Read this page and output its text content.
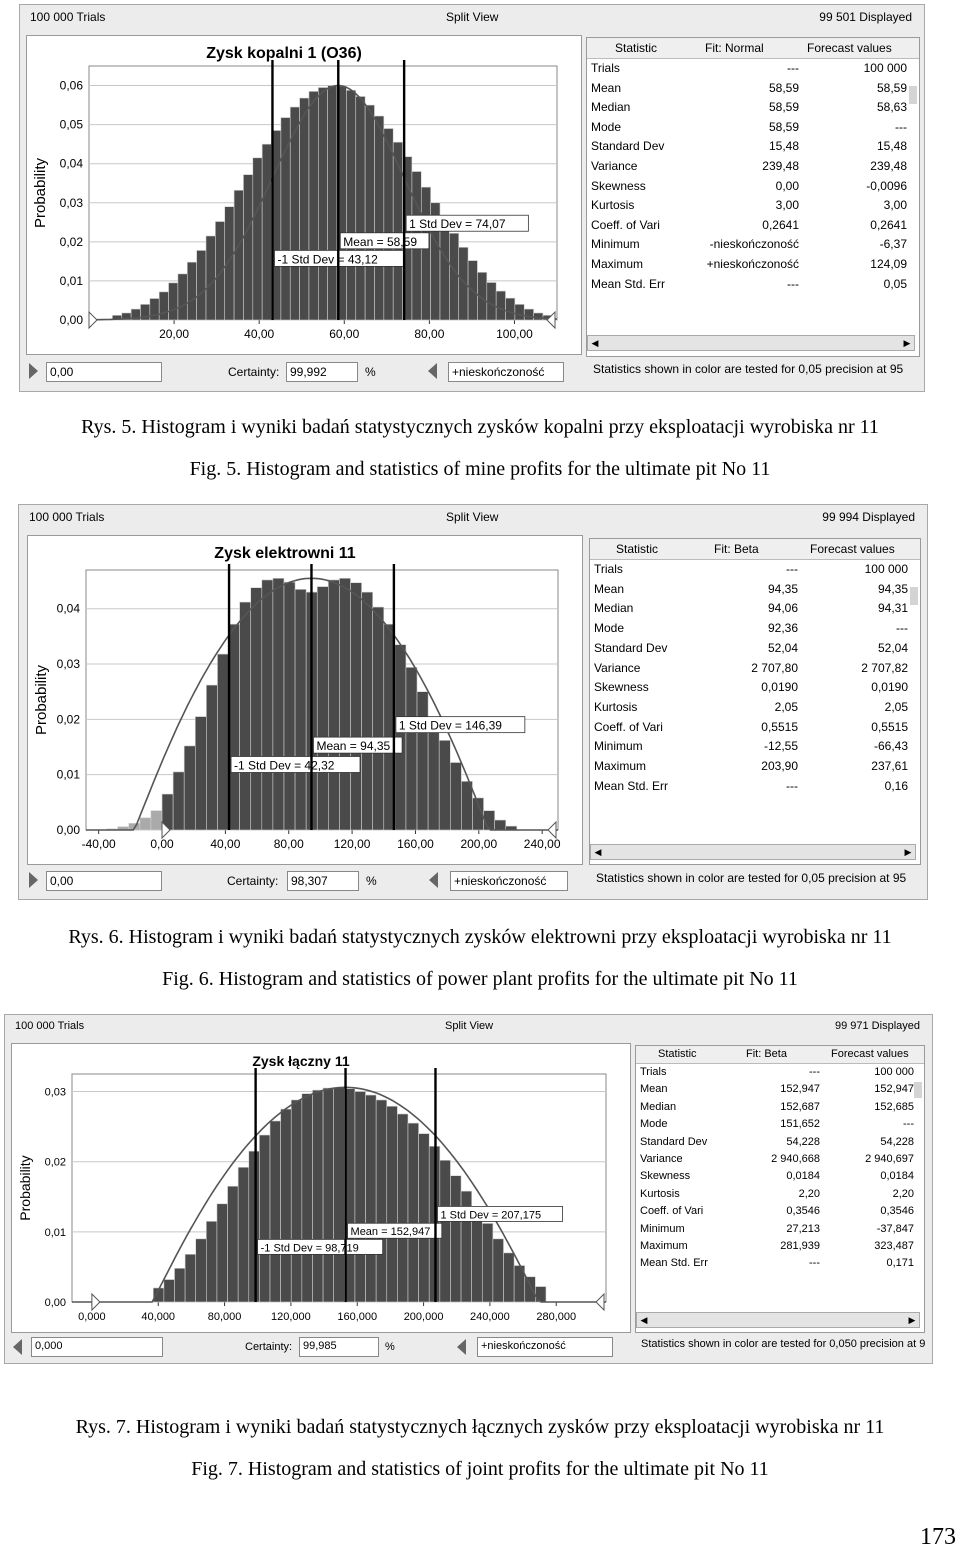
100 000 Trials	Split View	99 501 Displayed
Zysk kopalni 1 (O36)
0,00
0,01
0,02
0,03
0,04
0,05
0,06
20,00	40,00	60,00	80,00	100,00
Probability
-1 Std Dev = 43,12
Mean = 58,59
1 Std Dev = 74,07
Statistic	Fit: Normal	Forecast values
Trials	---	100 000
Mean	58,59	58,59
Median	58,59	58,63
Mode	58,59	---
Standard Dev	15,48	15,48
Variance	239,48	239,48
Skewness	0,00	-0,0096
Kurtosis	3,00	3,00
Coeff. of Vari	0,2641	0,2641
Minimum	-nieskończoność	-6,37
Maximum	+nieskończoność	124,09
Mean Std. Err	---	0,05
◀	▶
0,00	Certainty: 99,992	%	+nieskończoność	Statistics shown in color are tested for 0,05 precision at 95
Rys. 5. Histogram i wyniki badań statystycznych zysków kopalni przy eksploatacji wyrobiska nr 11
Fig. 5. Histogram and statistics of mine profits for the ultimate pit No 11
100 000 Trials	Split View	99 994 Displayed
Zysk elektrowni 11
0,00
0,01
0,02
0,03
0,04
-40,00	0,00	40,00	80,00 120,00 160,00 200,00 240,00
Probability
-1 Std Dev = 42,32
Mean = 94,35
1 Std Dev = 146,39
Statistic	Fit: Beta	Forecast values
Trials	---	100 000
Mean	94,35	94,35
Median	94,06	94,31
Mode	92,36	---
Standard Dev	52,04	52,04
Variance	2 707,80	2 707,82
Skewness	0,0190	0,0190
Kurtosis	2,05	2,05
Coeff. of Vari	0,5515	0,5515
Minimum	-12,55	-66,43
Maximum	203,90	237,61
Mean Std. Err	---	0,16
◀	▶
0,00	Certainty:	98,307	%	+nieskończoność	Statistics shown in color are tested for 0,05 precision at 95
Rys. 6. Histogram i wyniki badań statystycznych zysków elektrowni przy eksploatacji wyrobiska nr 11
Fig. 6. Histogram and statistics of power plant profits for the ultimate pit No 11
100 000 Trials	Split View	99 971 Displayed
Zysk łączny 11
0,00
0,01
0,02
0,03
0,000	40,000	80,000	120,000 160,000 200,000 240,000 280,000
Probability
-1 Std Dev = 98,719
Mean = 152,947
1 Std Dev = 207,175
Statistic	Fit: Beta	Forecast values
Trials	---	100 000
Mean	152,947	152,947
Median	152,687	152,685
Mode	151,652	---
Standard Dev	54,228	54,228
Variance	2 940,668	2 940,697
Skewness	0,0184	0,0184
Kurtosis	2,20	2,20
Coeff. of Vari	0,3546	0,3546
Minimum	27,213	-37,847
Maximum	281,939	323,487
Mean Std. Err	---	0,171
◀	▶
0,000	Certainty: 99,985	%	+nieskończoność	Statistics shown in color are tested for 0,050 precision at 9
Rys. 7. Histogram i wyniki badań statystycznych łącznych zysków przy eksploatacji wyrobiska nr 11
Fig. 7. Histogram and statistics of joint profits for the ultimate pit No 11
173
